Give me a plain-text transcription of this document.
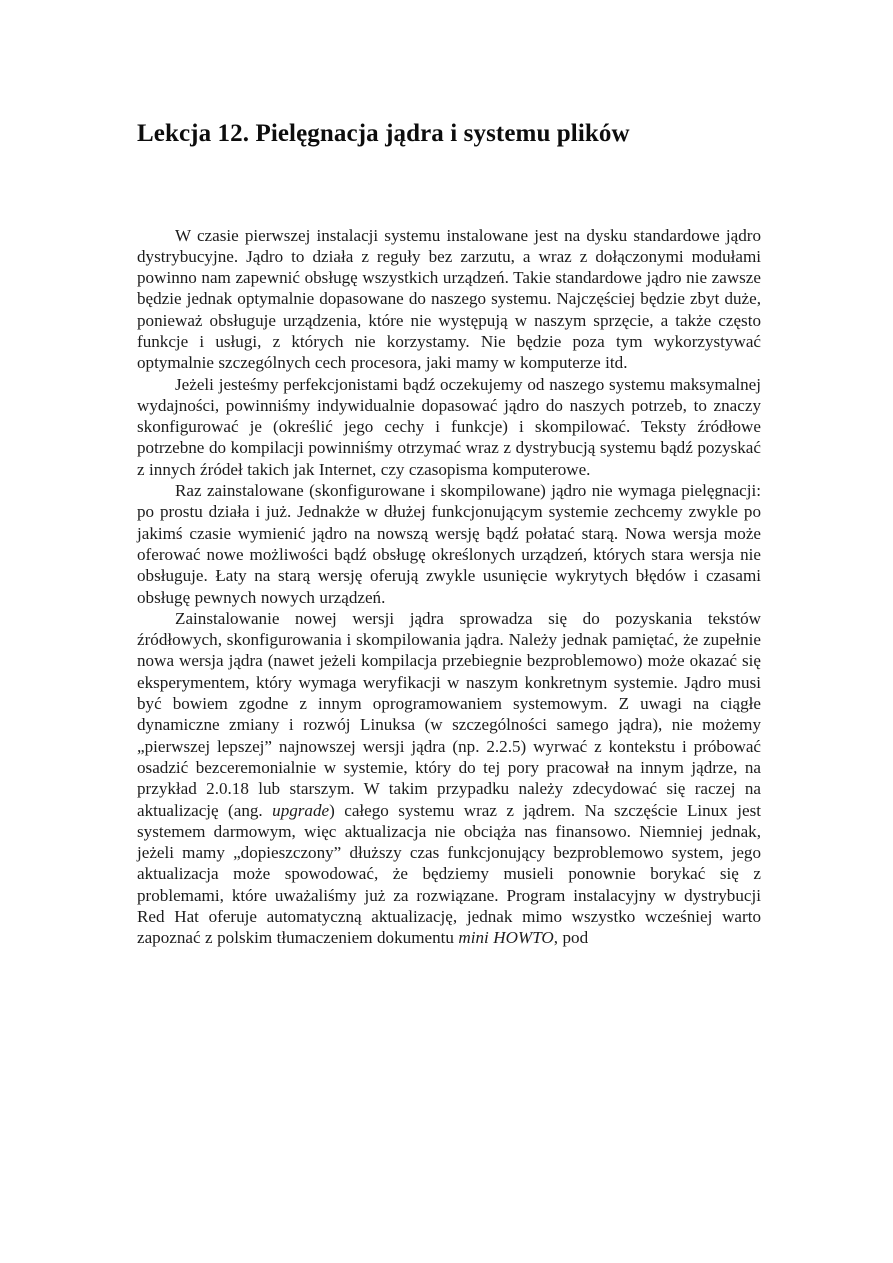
Lekcja 12. Pielęgnacja jądra i systemu plików

W czasie pierwszej instalacji systemu instalowane jest na dysku standardowe jądro dystrybucyjne. Jądro to działa z reguły bez zarzutu, a wraz z dołączonymi modułami powinno nam zapewnić obsługę wszystkich urządzeń. Takie standardowe jądro nie zawsze będzie jednak optymalnie dopasowane do naszego systemu. Najczęściej będzie zbyt duże, ponieważ obsługuje urządzenia, które nie występują w naszym sprzęcie, a także często funkcje i usługi, z których nie korzystamy. Nie będzie poza tym wykorzystywać optymalnie szczególnych cech procesora, jaki mamy w komputerze itd.

Jeżeli jesteśmy perfekcjonistami bądź oczekujemy od naszego systemu maksymalnej wydajności, powinniśmy indywidualnie dopasować jądro do naszych potrzeb, to znaczy skonfigurować je (określić jego cechy i funkcje) i skompilować. Teksty źródłowe potrzebne do kompilacji powinniśmy otrzymać wraz z dystrybucją systemu bądź pozyskać z innych źródeł takich jak Internet, czy czasopisma komputerowe.

Raz zainstalowane (skonfigurowane i skompilowane) jądro nie wymaga pielęgnacji: po prostu działa i już. Jednakże w dłużej funkcjonującym systemie zechcemy zwykle po jakimś czasie wymienić jądro na nowszą wersję bądź połatać starą. Nowa wersja może oferować nowe możliwości bądź obsługę określonych urządzeń, których stara wersja nie obsługuje. Łaty na starą wersję oferują zwykle usunięcie wykrytych błędów i czasami obsługę pewnych nowych urządzeń.

Zainstalowanie nowej wersji jądra sprowadza się do pozyskania tekstów źródłowych, skonfigurowania i skompilowania jądra. Należy jednak pamiętać, że zupełnie nowa wersja jądra (nawet jeżeli kompilacja przebiegnie bezproblemowo) może okazać się eksperymentem, który wymaga weryfikacji w naszym konkretnym systemie. Jądro musi być bowiem zgodne z innym oprogramowaniem systemowym. Z uwagi na ciągłe dynamiczne zmiany i rozwój Linuksa (w szczególności samego jądra), nie możemy „pierwszej lepszej” najnowszej wersji jądra (np. 2.2.5) wyrwać z kontekstu i próbować osadzić bezceremonialnie w systemie, który do tej pory pracował na innym jądrze, na przykład 2.0.18 lub starszym. W takim przypadku należy zdecydować się raczej na aktualizację (ang. upgrade) całego systemu wraz z jądrem. Na szczęście Linux jest systemem darmowym, więc aktualizacja nie obciąża nas finansowo. Niemniej jednak, jeżeli mamy „dopieszczony” dłuższy czas funkcjonujący bezproblemowo system, jego aktualizacja może spowodować, że będziemy musieli ponownie borykać się z problemami, które uważaliśmy już za rozwiązane. Program instalacyjny w dystrybucji Red Hat oferuje automatyczną aktualizację, jednak mimo wszystko wcześniej warto zapoznać z polskim tłumaczeniem dokumentu mini HOWTO, pod
